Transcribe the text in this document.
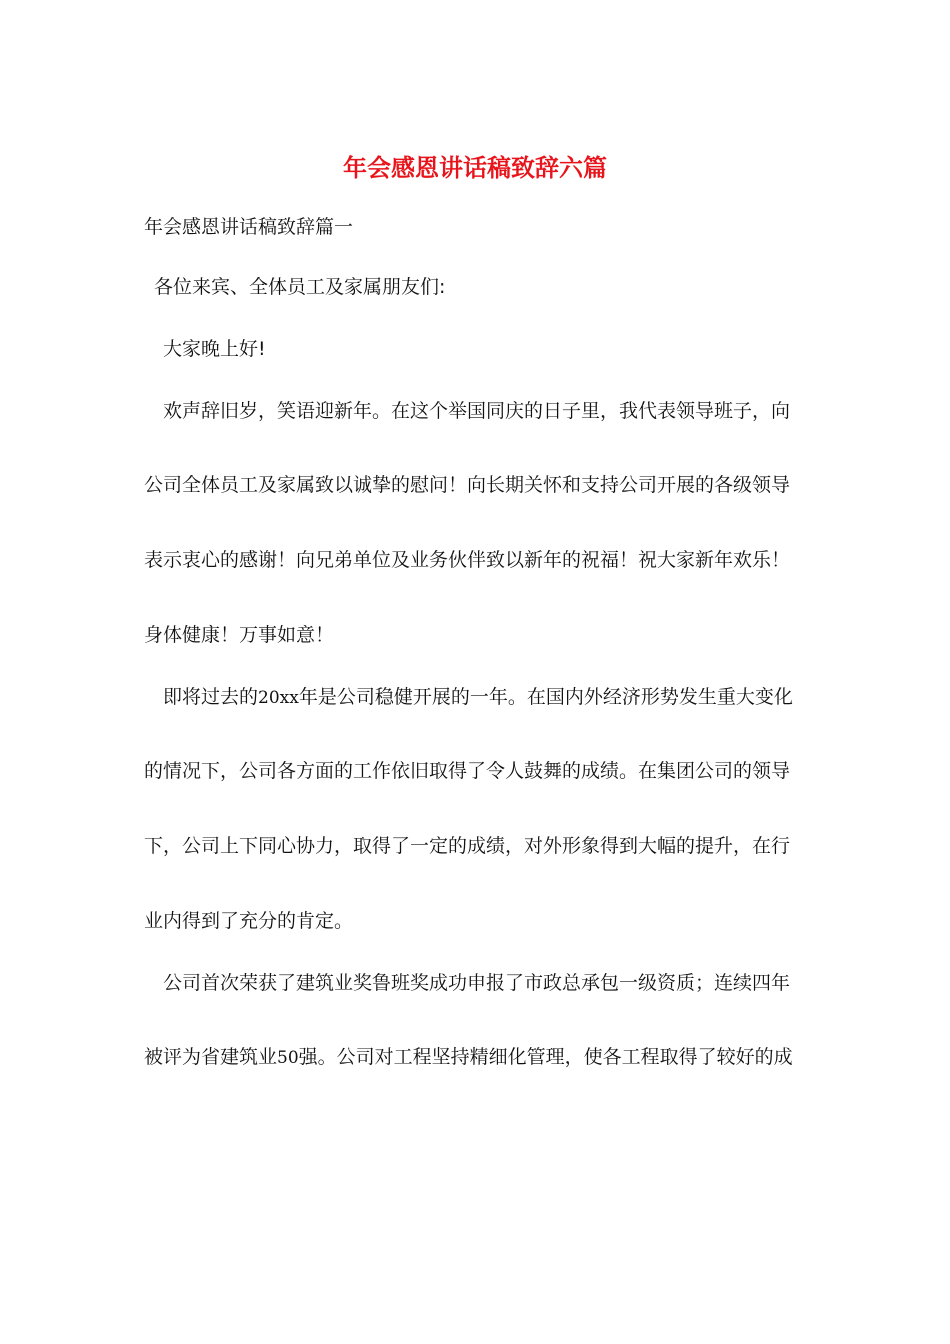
年会感恩讲话稿致辞六篇
年会感恩讲话稿致辞篇一
各位来宾、全体员工及家属朋友们:
大家晚上好!
欢声辞旧岁，笑语迎新年。在这个举国同庆的日子里，我代表领导班子，向
公司全体员工及家属致以诚挚的慰问！向长期关怀和支持公司开展的各级领导
表示衷心的感谢！向兄弟单位及业务伙伴致以新年的祝福！祝大家新年欢乐！
身体健康！万事如意！
即将过去的20xx年是公司稳健开展的一年。在国内外经济形势发生重大变化
的情况下，公司各方面的工作依旧取得了令人鼓舞的成绩。在集团公司的领导
下，公司上下同心协力，取得了一定的成绩，对外形象得到大幅的提升，在行
业内得到了充分的肯定。
公司首次荣获了建筑业奖鲁班奖成功申报了市政总承包一级资质；连续四年
被评为省建筑业50强。公司对工程坚持精细化管理，使各工程取得了较好的成
